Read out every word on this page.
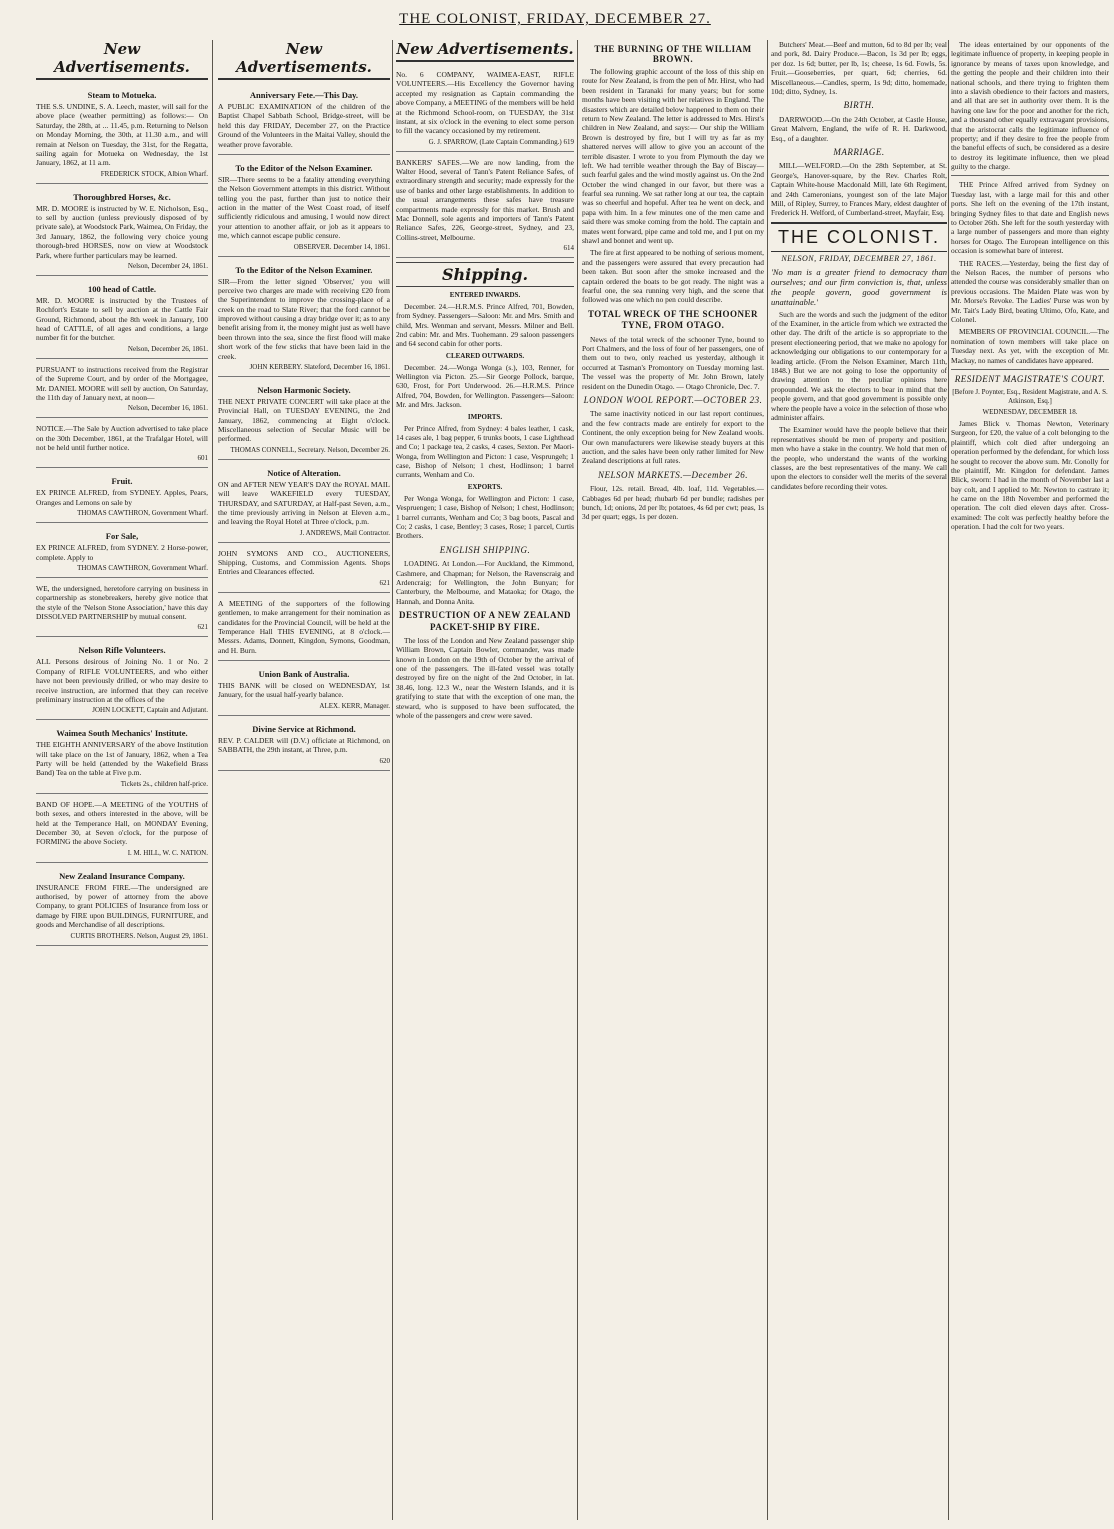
THE COLONIST, FRIDAY, DECEMBER 27.
New Advertisements.
Steam to Motueka.

THE S.S. UNDINE, S. A. Leech, master, will sail for the above place (weather permitting) as follows:— On Saturday, the 28th, at ... 11.45, p.m. Returning to Nelson on Monday Morning, the 30th, at 11.30 a.m., and will remain at Nelson on Tuesday, the 31st, for the Regatta, sailing again for Motueka on Wednesday, the 1st January, 1862, at 11 a.m.

FREDERICK STOCK, Albion Wharf.
Thoroughbred Horses, &c.

MR. D. MOORE is instructed by W. E. Nicholson, Esq., to sell by auction (unless previously disposed of by private sale), at Woodstock Park, Waimea, On Friday, the 3rd January, 1862, the following very choice young thorough-bred HORSES, now on view at Woodstock Park, where further particulars may be learned.

Nelson, December 24, 1861.
100 head of Cattle.

MR. D. MOORE is instructed by the Trustees of Rochfort's Estate to sell by auction at the Cattle Fair Ground, Richmond, about the 8th week in January, 100 head of CATTLE, of all ages and conditions, a large number fit for the butcher.

Nelson, December 26, 1861.

PURSUANT to instructions received from the Registrar of the Supreme Court, and by order of the Mortgagee, Mr. DANIEL MOORE will sell by auction, On Saturday, the 11th day of January next, at noon—

Nelson, December 16, 1861.

NOTICE.—The Sale by Auction advertised to take place on the 30th December, 1861, at the Trafalgar Hotel, will not be held until further notice.

601
Fruit.

EX PRINCE ALFRED, from SYDNEY. Apples, Pears, Oranges and Lemons on sale by

THOMAS CAWTHRON, Government Wharf.
For Sale,

EX PRINCE ALFRED, from SYDNEY. 2 Horse-power, complete. Apply to

THOMAS CAWTHRON, Government Wharf.

WE, the undersigned, heretofore carrying on business in copartnership as stonebreakers, hereby give notice that the style of the 'Nelson Stone Association,' have this day DISSOLVED PARTNERSHIP by mutual consent.

621
Nelson Rifle Volunteers.

ALL Persons desirous of Joining No. 1 or No. 2 Company of RIFLE VOLUNTEERS, and who either have not been previously drilled, or who may desire to receive instruction, are informed that they can receive preliminary instruction at the offices of the

JOHN LOCKETT, Captain and Adjutant.
Waimea South Mechanics' Institute.

THE EIGHTH ANNIVERSARY of the above Institution will take place on the 1st of January, 1862, when a Tea Party will be held (attended by the Wakefield Brass Band) Tea on the table at Five p.m.

Tickets 2s., children half-price.

BAND OF HOPE.—A MEETING of the YOUTHS of both sexes, and others interested in the above, will be held at the Temperance Hall, on MONDAY Evening, December 30, at Seven o'clock, for the purpose of FORMING the above Society.

I. M. HILL, W. C. NATION.
New Zealand Insurance Company.

INSURANCE FROM FIRE.—The undersigned are authorised, by power of attorney from the above Company, to grant POLICIES of Insurance from loss or damage by FIRE upon BUILDINGS, FURNITURE, and goods and Merchandise of all descriptions.

CURTIS BROTHERS. Nelson, August 29, 1861.
New Advertisements.
Anniversary Fete.—This Day.

A PUBLIC EXAMINATION of the children of the Baptist Chapel Sabbath School, Bridge-street, will be held this day FRIDAY, December 27, on the Practice Ground of the Volunteers in the Maitai Valley, should the weather prove favorable.

To the Editor of the Nelson Examiner.

SIR—There seems to be a fatality attending everything the Nelson Government attempts in this district. Without telling you the past, further than just to notice their action in the matter of the West Coast road, of itself sufficiently ridiculous and amusing, I would now direct your attention to another affair, or job as it appears to me, which cannot escape public censure.

OBSERVER. December 14, 1861.
To the Editor of the Nelson Examiner.

SIR—From the letter signed 'Observer,' you will perceive two charges are made with receiving £20 from the Superintendent to improve the crossing-place of a creek on the road to Slate River; that the ford cannot be improved without causing a dray bridge over it; as to any benefit arising from it, the money might just as well have been thrown into the sea, since the first flood will make short work of the few sticks that have been laid in the creek.

JOHN KERBERY. Slateford, December 16, 1861.
Nelson Harmonic Society.

THE NEXT PRIVATE CONCERT will take place at the Provincial Hall, on TUESDAY EVENING, the 2nd January, 1862, commencing at Eight o'clock. Miscellaneous selection of Secular Music will be performed.

THOMAS CONNELL, Secretary. Nelson, December 26.
Notice of Alteration.

ON and AFTER NEW YEAR'S DAY the ROYAL MAIL will leave WAKEFIELD every TUESDAY, THURSDAY, and SATURDAY, at Half-past Seven, a.m., the time previously arriving in Nelson at Eleven a.m., and leaving the Royal Hotel at Three o'clock, p.m.

J. ANDREWS, Mail Contractor.

JOHN SYMONS AND CO., AUCTIONEERS, Shipping, Customs, and Commission Agents. Shops Entries and Clearances effected.

621

A MEETING of the supporters of the following gentlemen, to make arrangement for their nomination as candidates for the Provincial Council, will be held at the Temperance Hall THIS EVENING, at 8 o'clock.— Messrs. Adams, Donnett, Kingdon, Symons, Goodman, and H. Burn.

Union Bank of Australia.

THIS BANK will be closed on WEDNESDAY, 1st January, for the usual half-yearly balance.

ALEX. KERR, Manager.
Divine Service at Richmond.

REV. P. CALDER will (D.V.) officiate at Richmond, on SABBATH, the 29th instant, at Three, p.m.

620
New Advertisements.

No. 6 COMPANY, WAIMEA-EAST, RIFLE VOLUNTEERS.—His Excellency the Governor having accepted my resignation as Captain commanding the above Company, a MEETING of the members will be held at the Richmond School-room, on TUESDAY, the 31st instant, at six o'clock in the evening to elect some person to fill the vacancy occasioned by my retirement.

G. J. SPARROW, (Late Captain Commanding.) 619

BANKERS' SAFES.—We are now landing, from the Walter Hood, several of Tann's Patent Reliance Safes, of extraordinary strength and security; made expressly for the use of banks and other large establishments. In addition to the usual arrangements these safes have treasure compartments made expressly for this market. Brush and Mac Donnell, sole agents and importers of Tann's Patent Reliance Safes, 226, George-street, Sydney, and 23, Collins-street, Melbourne.

614
Shipping.
ENTERED INWARDS.

December. 24.—H.R.M.S. Prince Alfred, 701, Bowden, from Sydney. Passengers—Saloon: Mr. and Mrs. Smith and child, Mrs. Wenman and servant, Messrs. Milner and Bell. 2nd cabin: Mr. and Mrs. Tuohemann. 29 saloon passengers and 64 second cabin for other ports.

CLEARED OUTWARDS.

December. 24.—Wonga Wonga (s.), 103, Renner, for Wellington via Picton. 25.—Sir George Pollock, barque, 630, Frost, for Port Underwood. 26.—H.R.M.S. Prince Alfred, 704, Bowden, for Wellington. Passengers—Saloon: Mr. and Mrs. Jackson.

IMPORTS.

Per Prince Alfred, from Sydney: 4 bales leather, 1 cask, 14 cases ale, 1 bag pepper, 6 trunks boots, 1 case Lighthead and Co; 1 package tea, 2 casks, 4 cases, Sexton. Per Maori-Wonga, from Wellington and Picton: 1 case, Vesprungeh; 1 case, Bishop of Nelson; 1 chest, Hodlinson; 1 barrel currants, Wenham and Co.

EXPORTS.

Per Wonga Wonga, for Wellington and Picton: 1 case, Vespruengen; 1 case, Bishop of Nelson; 1 chest, Hodlinson; 1 barrel currants, Wenham and Co; 3 bag boots, Pascal and Co; 2 casks, 1 case, Bentley; 3 cases, Rose; 1 parcel, Curtis Brothers.

ENGLISH SHIPPING.

LOADING. At London.—For Auckland, the Kimmond, Cashmere, and Chapman; for Nelson, the Ravenscraig and Ardencraig; for Wellington, the John Bunyan; for Canterbury, the Melbourne, and Mataoka; for Otago, the Hannah, and Donna Anita.

DESTRUCTION OF A NEW ZEALAND PACKET-SHIP BY FIRE.

The loss of the London and New Zealand passenger ship William Brown, Captain Bowler, commander, was made known in London on the 19th of October by the arrival of one of the passengers. The ill-fated vessel was totally destroyed by fire on the night of the 2nd October, in lat. 38.46, long. 12.3 W., near the Western Islands, and it is gratifying to state that with the exception of one man, the steward, who is supposed to have been suffocated, the whole of the passengers and crew were saved.

THE BURNING OF THE WILLIAM BROWN.

The following graphic account of the loss of this ship en route for New Zealand, is from the pen of Mr. Hirst, who had been resident in Taranaki for many years; but for some months have been visiting with her relatives in England. The disasters which are detailed below happened to them on their return to New Zealand. The letter is addressed to Mrs. Hirst's children in New Zealand, and says:— Our ship the William Brown is destroyed by fire, but I will try as far as my shattered nerves will allow to give you an account of the terrible disaster. I wrote to you from Plymouth the day we left. We had terrible weather through the Bay of Biscay—such fearful gales and the wind mostly against us. On the 2nd October the wind changed in our favor, but there was a fearful sea running. We sat rather long at our tea, the captain was so cheerful and hopeful. After tea he went on deck, and papa with him. In a few minutes one of the men came and said there was smoke coming from the hold. The captain and mates went forward, pipe came and told me, and I put on my shawl and bonnet and went up.

The fire at first appeared to be nothing of serious moment, and the passengers were assured that every precaution had been taken. But soon after the smoke increased and the captain ordered the boats to be got ready. The night was a fearful one, the sea running very high, and the scene that followed was one which no pen could describe.

TOTAL WRECK OF THE SCHOONER TYNE, FROM OTAGO.

News of the total wreck of the schooner Tyne, bound to Port Chalmers, and the loss of four of her passengers, one of them out to two, only reached us yesterday, although it occurred at Tasman's Promontory on Tuesday morning last. The vessel was the property of Mr. John Brown, lately resident on the Dunedin Otago. — Otago Chronicle, Dec. 7.

LONDON WOOL REPORT.—OCTOBER 23.

The same inactivity noticed in our last report continues, and the few contracts made are entirely for export to the Continent, the only exception being for New Zealand wools. Our own manufacturers were likewise steady buyers at this auction, and the sales have been only rather limited for New Zealand descriptions at full rates.

NELSON MARKETS.—December 26.

Flour, 12s. retail. Bread, 4lb. loaf, 11d. Vegetables.—Cabbages 6d per head; rhubarb 6d per bundle; radishes per bunch, 1d; onions, 2d per lb; potatoes, 4s 6d per cwt; peas, 1s 3d per quart; eggs, 1s per dozen.

Butchers' Meat.—Beef and mutton, 6d to 8d per lb; veal and pork, 8d. Dairy Produce.—Bacon, 1s 3d per lb; eggs, per doz. 1s 6d; butter, per lb, 1s; cheese, 1s 6d. Fowls, 5s. Fruit.—Gooseberries, per quart, 6d; cherries, 6d. Miscellaneous.—Candles, sperm, 1s 9d; ditto, homemade, 10d; ditto, Sydney, 1s.

BIRTH.

DARRWOOD.—On the 24th October, at Castle House, Great Malvern, England, the wife of R. H. Darkwood, Esq., of a daughter.

MARRIAGE.

MILL—WELFORD.—On the 28th September, at St. George's, Hanover-square, by the Rev. Charles Rolt, Captain White-house Macdonald Mill, late 6th Regiment, and 24th Cameronians, youngest son of the late Major Mill, of Ripley, Surrey, to Frances Mary, eldest daughter of Frederick H. Welford, of Cumberland-street, Mayfair, Esq.

THE COLONIST.
NELSON, FRIDAY, DECEMBER 27, 1861.
'No man is a greater friend to democracy than ourselves; and our firm conviction is, that, unless the people govern, good government is unattainable.'

Such are the words and such the judgment of the editor of the Examiner, in the article from which we extracted the other day. The drift of the article is so appropriate to the present electioneering period, that we make no apology for acknowledging our obligations to our contemporary for a leading article. (From the Nelson Examiner, March 11th, 1848.) But we are not going to lose the opportunity of drawing attention to the peculiar opinions here propounded. We ask the electors to bear in mind that the people govern, and that good government is possible only where the people have a voice in the selection of those who administer affairs.

The Examiner would have the people believe that their representatives should be men of property and position, men who have a stake in the country. We hold that men of the people, who understand the wants of the working classes, are the best representatives of the many. We call upon the electors to consider well the merits of the several candidates before recording their votes.

The ideas entertained by our opponents of the legitimate influence of property, in keeping people in ignorance by means of taxes upon knowledge, and the getting the people and their children into their national schools, and there trying to frighten them into a slavish obedience to their factors and masters, and all that are set in authority over them. It is the having one law for the poor and another for the rich, and a thousand other equally extravagant provisions, that the aristocrat calls the legitimate influence of property; and if they desire to free the people from the baneful effects of such, be considered as a desire to destroy its legitimate influence, then we plead guilty to the charge.

THE Prince Alfred arrived from Sydney on Tuesday last, with a large mail for this and other ports. She left on the evening of the 17th instant, bringing Sydney files to that date and English news to October 26th. She left for the south yesterday with a large number of passengers and more than eighty horses for Otago. The European intelligence on this occasion is somewhat bare of interest.

THE RACES.—Yesterday, being the first day of the Nelson Races, the number of persons who attended the course was considerably smaller than on previous occasions. The Maiden Plate was won by Mr. Morse's Revoke. The Ladies' Purse was won by Mr. Tait's Lady Bird, beating Ultimo, Ofo, Kate, and Colonel.

MEMBERS OF PROVINCIAL COUNCIL.—The nomination of town members will take place on Tuesday next. As yet, with the exception of Mr. Mackay, no names of candidates have appeared.

RESIDENT MAGISTRATE'S COURT.
[Before J. Poynter, Esq., Resident Magistrate, and A. S. Atkinson, Esq.]
WEDNESDAY, DECEMBER 18.

James Blick v. Thomas Newton, Veterinary Surgeon, for £20, the value of a colt belonging to the plaintiff, which colt died after undergoing an operation performed by the defendant, for which loss he sought to recover the above sum. Mr. Conolly for the plaintiff, Mr. Kingdon for defendant. James Blick, sworn: I had in the month of November last a bay colt, and I applied to Mr. Newton to castrate it; he came on the 18th November and performed the operation. The colt died eleven days after. Cross-examined: The colt was perfectly healthy before the operation. I had the colt for two years.
